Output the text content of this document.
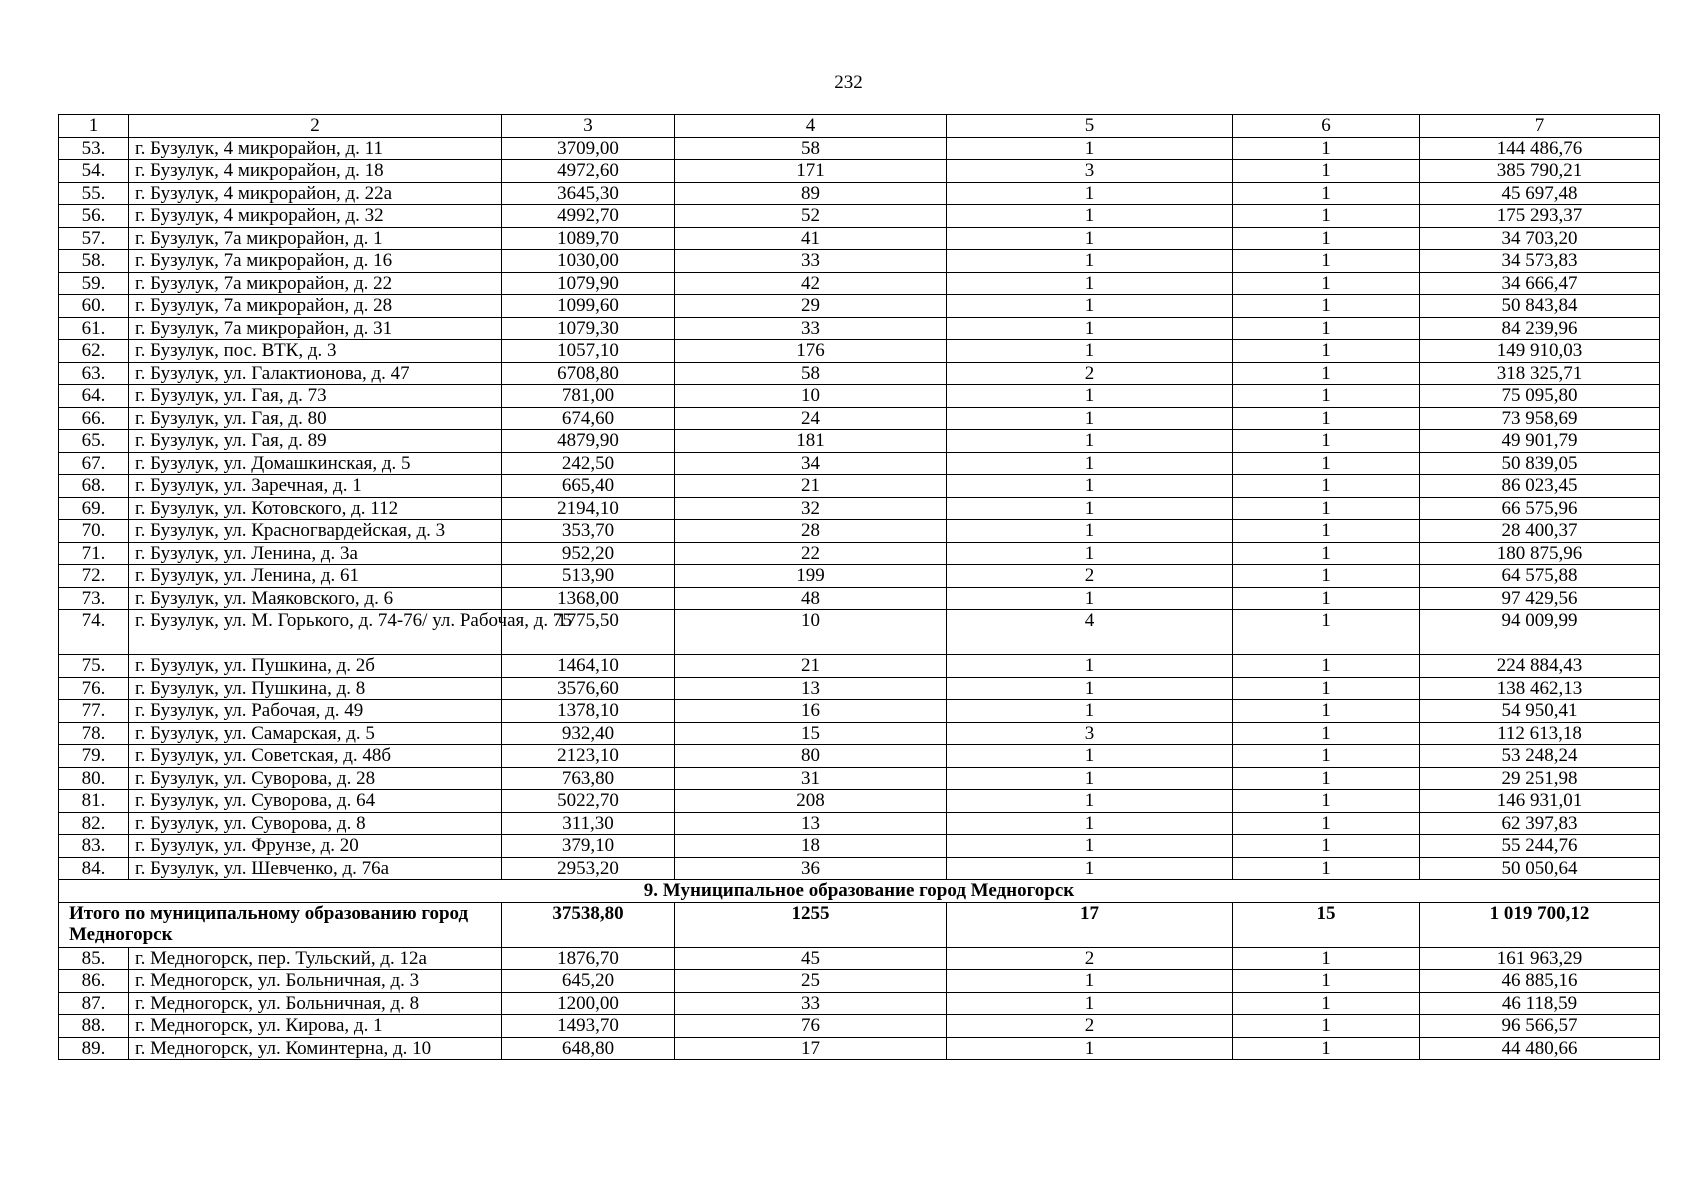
232
1	2	3	4	5	6	7
53.	г. Бузулук, 4 микрорайон, д. 11	3709,00	58	1	1	144 486,76
54.	г. Бузулук, 4 микрорайон, д. 18	4972,60	171	3	1	385 790,21
55.	г. Бузулук, 4 микрорайон, д. 22а	3645,30	89	1	1	45 697,48
56.	г. Бузулук, 4 микрорайон, д. 32	4992,70	52	1	1	175 293,37
57.	г. Бузулук, 7а микрорайон, д. 1	1089,70	41	1	1	34 703,20
58.	г. Бузулук, 7а микрорайон, д. 16	1030,00	33	1	1	34 573,83
59.	г. Бузулук, 7а микрорайон, д. 22	1079,90	42	1	1	34 666,47
60.	г. Бузулук, 7а микрорайон, д. 28	1099,60	29	1	1	50 843,84
61.	г. Бузулук, 7а микрорайон, д. 31	1079,30	33	1	1	84 239,96
62.	г. Бузулук, пос. ВТК, д. 3	1057,10	176	1	1	149 910,03
63.	г. Бузулук, ул. Галактионова, д. 47	6708,80	58	2	1	318 325,71
64.	г. Бузулук, ул. Гая, д. 73	781,00	10	1	1	75 095,80
66.	г. Бузулук, ул. Гая, д. 80	674,60	24	1	1	73 958,69
65.	г. Бузулук, ул. Гая, д. 89	4879,90	181	1	1	49 901,79
67.	г. Бузулук, ул. Домашкинская, д. 5	242,50	34	1	1	50 839,05
68.	г. Бузулук, ул. Заречная, д. 1	665,40	21	1	1	86 023,45
69.	г. Бузулук, ул. Котовского, д. 112	2194,10	32	1	1	66 575,96
70.	г. Бузулук, ул. Красногвардейская, д. 3	353,70	28	1	1	28 400,37
71.	г. Бузулук, ул. Ленина, д. 3а	952,20	22	1	1	180 875,96
72.	г. Бузулук, ул. Ленина, д. 61	513,90	199	2	1	64 575,88
73.	г. Бузулук, ул. Маяковского, д. 6	1368,00	48	1	1	97 429,56
74.	г. Бузулук, ул. М. Горького, д. 74-76/ ул. Рабочая, д. 75	1775,50	10	4	1	94 009,99
75.	г. Бузулук, ул. Пушкина, д. 2б	1464,10	21	1	1	224 884,43
76.	г. Бузулук, ул. Пушкина, д. 8	3576,60	13	1	1	138 462,13
77.	г. Бузулук, ул. Рабочая, д. 49	1378,10	16	1	1	54 950,41
78.	г. Бузулук, ул. Самарская, д. 5	932,40	15	3	1	112 613,18
79.	г. Бузулук, ул. Советская, д. 48б	2123,10	80	1	1	53 248,24
80.	г. Бузулук, ул. Суворова, д. 28	763,80	31	1	1	29 251,98
81.	г. Бузулук, ул. Суворова, д. 64	5022,70	208	1	1	146 931,01
82.	г. Бузулук, ул. Суворова, д. 8	311,30	13	1	1	62 397,83
83.	г. Бузулук, ул. Фрунзе, д. 20	379,10	18	1	1	55 244,76
84.	г. Бузулук, ул. Шевченко, д. 76а	2953,20	36	1	1	50 050,64
9. Муниципальное образование город Медногорск						
Итого по муниципальному образованию город Медногорск		37538,80	1255	17	15	1 019 700,12
85.	г. Медногорск, пер. Тульский, д. 12а	1876,70	45	2	1	161 963,29
86.	г. Медногорск, ул. Больничная, д. 3	645,20	25	1	1	46 885,16
87.	г. Медногорск, ул. Больничная, д. 8	1200,00	33	1	1	46 118,59
88.	г. Медногорск, ул. Кирова, д. 1	1493,70	76	2	1	96 566,57
89.	г. Медногорск, ул. Коминтерна, д. 10	648,80	17	1	1	44 480,66
